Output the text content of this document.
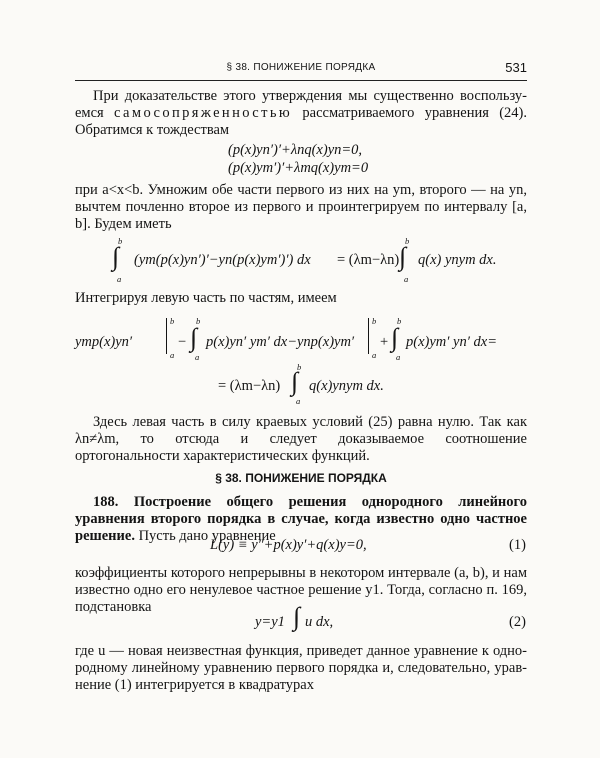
§ 38. ПОНИЖЕНИЕ ПОРЯДКА	531
При доказательстве этого утверждения мы существенно воспользу-емся самосопряженностью рассматриваемого уравнения (24). Обратимся к тождествам
(p(x)yn′)′+λnq(x)yn=0,
(p(x)ym′)′+λmq(x)ym=0
при a<x<b. Умножим обе части первого из них на ym, второго — на yn, вычтем почленно второе из первого и проинтегрируем по интервалу [a, b]. Будем иметь
b
∫
a
(ym(p(x)yn′)′−yn(p(x)ym′)′) dx = (λm−λn)
b
∫
a
q(x) ynym dx.
Интегрируя левую часть по частям, имеем
ymp(x)yn′
b
a
−
b
∫
a
p(x)yn′ ym′ dx−ynp(x)ym′
b
a
+
b
∫
a
p(x)ym′ yn′ dx=
= (λm−λn)
b
∫
a
q(x)ynym dx.
Здесь левая часть в силу краевых условий (25) равна нулю. Так как λn≠λm, то отсюда и следует доказываемое соотношение ортогональности характеристических функций.
§ 38. ПОНИЖЕНИЕ ПОРЯДКА
188. Построение общего решения однородного линейного уравнения второго порядка в случае, когда известно одно частное решение. Пусть дано уравнение
L(y) ≡ y″+p(x)y′+q(x)y=0,	(1)
коэффициенты которого непрерывны в некотором интервале (a, b), и нам известно одно его ненулевое частное решение y1. Тогда, согласно п. 169, подстановка
y=y1 ∫ u dx,	(2)
где u — новая неизвестная функция, приведет данное уравнение к одно-родному линейному уравнению первого порядка и, следовательно, урав-нение (1) интегрируется в квадратурах
